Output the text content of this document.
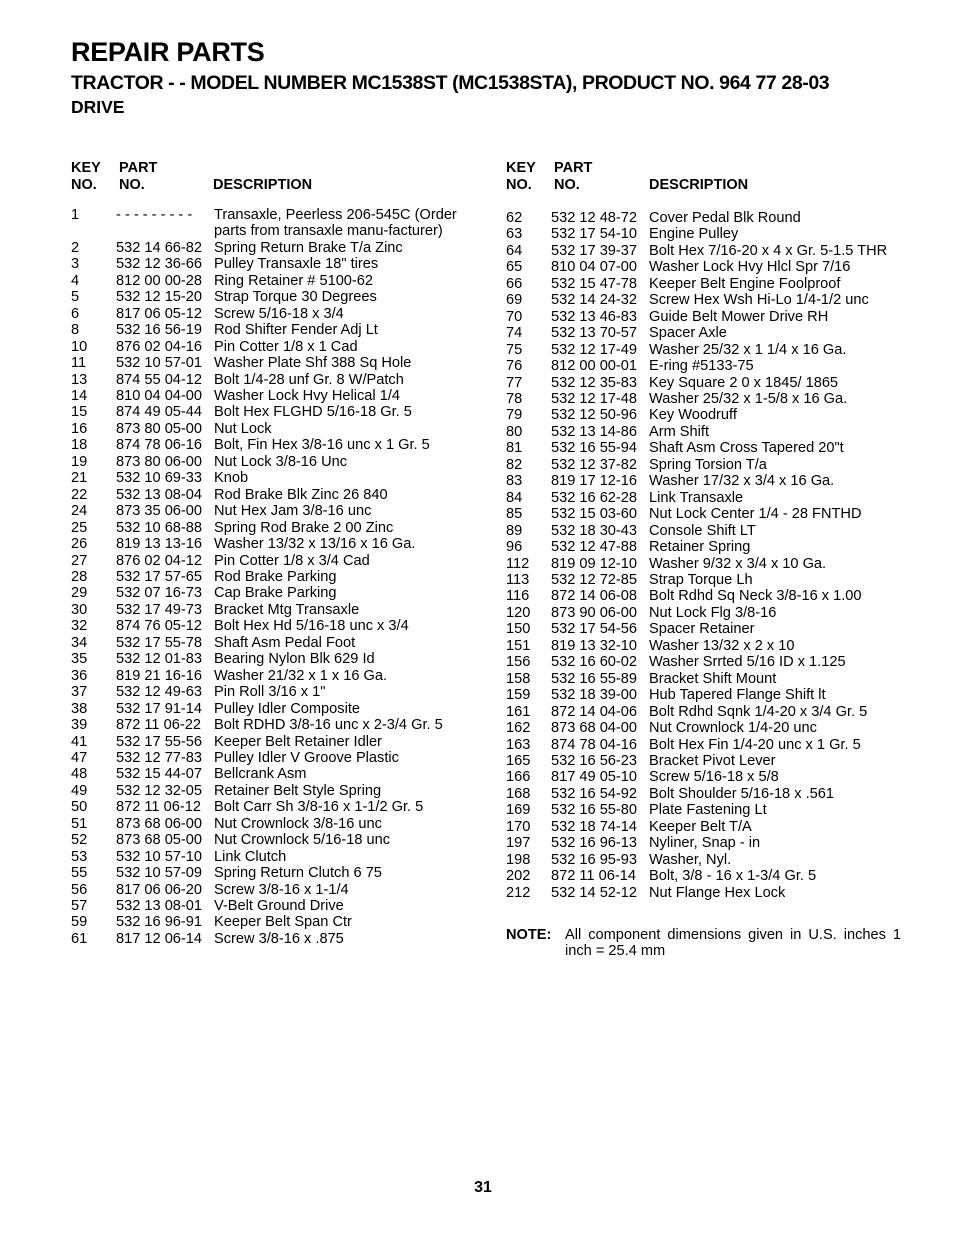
REPAIR PARTS
TRACTOR - - MODEL NUMBER MC1538ST (MC1538STA), PRODUCT NO. 964 77 28-03
DRIVE
KEY
NO.
PART
NO.	DESCRIPTION
1	- - - - - - - - -	Transaxle, Peerless 206-545C (Order parts from transaxle manu-facturer)
2	532 14 66-82 Spring Return Brake T/a Zinc
3	532 12 36-66 Pulley Transaxle 18" tires
4	812 00 00-28 Ring Retainer # 5100-62
5	532 12 15-20 Strap Torque 30 Degrees
6	817 06 05-12 Screw 5/16-18 x 3/4
8	532 16 56-19 Rod Shifter Fender Adj Lt
10	876 02 04-16 Pin Cotter 1/8 x 1 Cad
11	532 10 57-01 Washer Plate Shf 388 Sq Hole
13	874 55 04-12 Bolt 1/4-28 unf Gr. 8 W/Patch
14	810 04 04-00 Washer Lock Hvy Helical 1/4
15	874 49 05-44 Bolt Hex FLGHD 5/16-18 Gr. 5
16	873 80 05-00 Nut Lock
18	874 78 06-16 Bolt, Fin Hex 3/8-16 unc x 1 Gr. 5
19	873 80 06-00 Nut Lock 3/8-16 Unc
21	532 10 69-33 Knob
22	532 13 08-04 Rod Brake Blk Zinc 26 840
24	873 35 06-00 Nut Hex Jam 3/8-16 unc
25	532 10 68-88 Spring Rod Brake 2 00 Zinc
26	819 13 13-16 Washer 13/32 x 13/16 x 16 Ga.
27	876 02 04-12 Pin Cotter 1/8 x 3/4 Cad
28	532 17 57-65 Rod Brake Parking
29	532 07 16-73 Cap Brake Parking
30	532 17 49-73 Bracket Mtg Transaxle
32	874 76 05-12 Bolt Hex Hd 5/16-18 unc x 3/4
34	532 17 55-78 Shaft Asm Pedal Foot
35	532 12 01-83 Bearing Nylon Blk 629 Id
36	819 21 16-16 Washer 21/32 x 1 x 16 Ga.
37	532 12 49-63 Pin Roll 3/16 x 1"
38	532 17 91-14 Pulley Idler Composite
39	872 11 06-22 Bolt RDHD 3/8-16 unc x 2-3/4 Gr. 5
41	532 17 55-56 Keeper Belt Retainer Idler
47	532 12 77-83 Pulley Idler V Groove Plastic
48	532 15 44-07 Bellcrank Asm
49	532 12 32-05 Retainer Belt Style Spring
50	872 11 06-12 Bolt Carr Sh 3/8-16 x 1-1/2 Gr. 5
51	873 68 06-00 Nut Crownlock 3/8-16 unc
52	873 68 05-00 Nut Crownlock 5/16-18 unc
53	532 10 57-10 Link Clutch
55	532 10 57-09 Spring Return Clutch 6 75
56	817 06 06-20 Screw 3/8-16 x 1-1/4
57	532 13 08-01 V-Belt Ground Drive
59	532 16 96-91 Keeper Belt Span Ctr
61	817 12 06-14 Screw 3/8-16 x .875
KEY
NO.
PART
NO.	DESCRIPTION
62	532 12 48-72 Cover Pedal Blk Round
63	532 17 54-10 Engine Pulley
64	532 17 39-37 Bolt Hex 7/16-20 x 4 x Gr. 5-1.5 THR
65	810 04 07-00 Washer Lock Hvy Hlcl Spr 7/16
66	532 15 47-78 Keeper Belt Engine Foolproof
69	532 14 24-32 Screw Hex Wsh Hi-Lo 1/4-1/2 unc
70	532 13 46-83 Guide Belt Mower Drive RH
74	532 13 70-57 Spacer Axle
75	532 12 17-49 Washer 25/32 x 1 1/4 x 16 Ga.
76	812 00 00-01 E-ring #5133-75
77	532 12 35-83 Key Square 2 0 x 1845/ 1865
78	532 12 17-48 Washer 25/32 x 1-5/8 x 16 Ga.
79	532 12 50-96 Key Woodruff
80	532 13 14-86 Arm Shift
81	532 16 55-94 Shaft Asm Cross Tapered 20"t
82	532 12 37-82 Spring Torsion T/a
83	819 17 12-16 Washer 17/32 x 3/4 x 16 Ga.
84	532 16 62-28 Link Transaxle
85	532 15 03-60 Nut Lock Center 1/4 - 28 FNTHD
89	532 18 30-43 Console Shift LT
96	532 12 47-88 Retainer Spring
112	819 09 12-10 Washer 9/32 x 3/4 x 10 Ga.
113	532 12 72-85 Strap Torque Lh
116	872 14 06-08 Bolt Rdhd Sq Neck 3/8-16 x 1.00
120	873 90 06-00 Nut Lock Flg 3/8-16
150	532 17 54-56 Spacer Retainer
151	819 13 32-10 Washer 13/32 x 2 x 10
156	532 16 60-02 Washer Srrted 5/16 ID x 1.125
158	532 16 55-89 Bracket Shift Mount
159	532 18 39-00 Hub Tapered Flange Shift lt
161	872 14 04-06 Bolt Rdhd Sqnk 1/4-20 x 3/4 Gr. 5
162	873 68 04-00 Nut Crownlock 1/4-20 unc
163	874 78 04-16 Bolt Hex Fin 1/4-20 unc x 1 Gr. 5
165	532 16 56-23 Bracket Pivot Lever
166	817 49 05-10 Screw 5/16-18 x 5/8
168	532 16 54-92 Bolt Shoulder 5/16-18 x .561
169	532 16 55-80 Plate Fastening Lt
170	532 18 74-14 Keeper Belt T/A
197	532 16 96-13 Nyliner, Snap - in
198	532 16 95-93 Washer, Nyl.
202	872 11 06-14 Bolt, 3/8 - 16 x 1-3/4 Gr. 5
212	532 14 52-12 Nut Flange Hex Lock
NOTE: All component dimensions given in U.S. inches 1 inch = 25.4 mm
31
